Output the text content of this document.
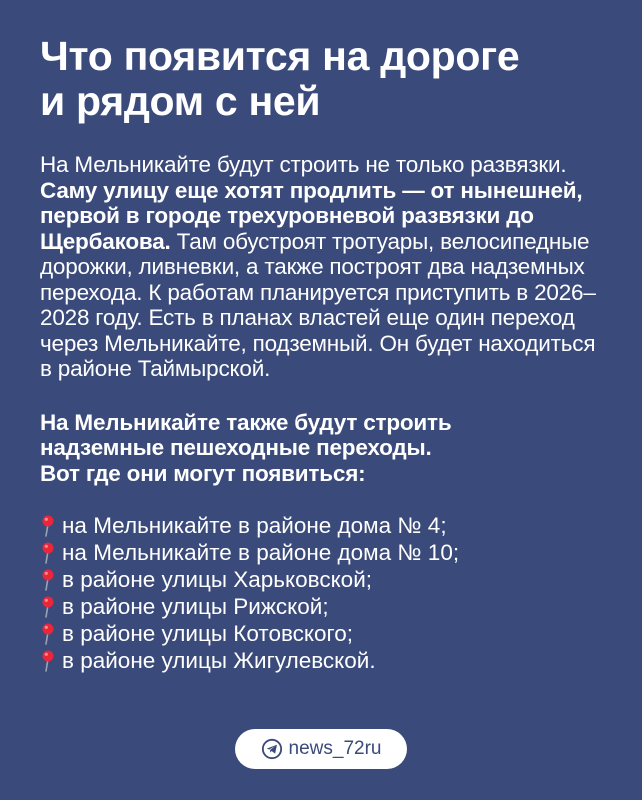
Что появится на дороге
и рядом с ней

На Мельникайте будут строить не только развязки. Саму улицу еще хотят продлить — от нынешней, первой в городе трехуровневой развязки до Щербакова. Там обустроят тротуары, велосипедные дорожки, ливневки, а также построят два надземных перехода. К работам планируется приступить в 2026–2028 году. Есть в планах властей еще один переход через Мельникайте, подземный. Он будет находиться в районе Таймырской.

На Мельникайте также будут строить
надземные пешеходные переходы.
Вот где они могут появиться:

на Мельникайте в районе дома № 4;
на Мельникайте в районе дома № 10;
в районе улицы Харьковской;
в районе улицы Рижской;
в районе улицы Котовского;
в районе улицы Жигулевской.
news_72ru
